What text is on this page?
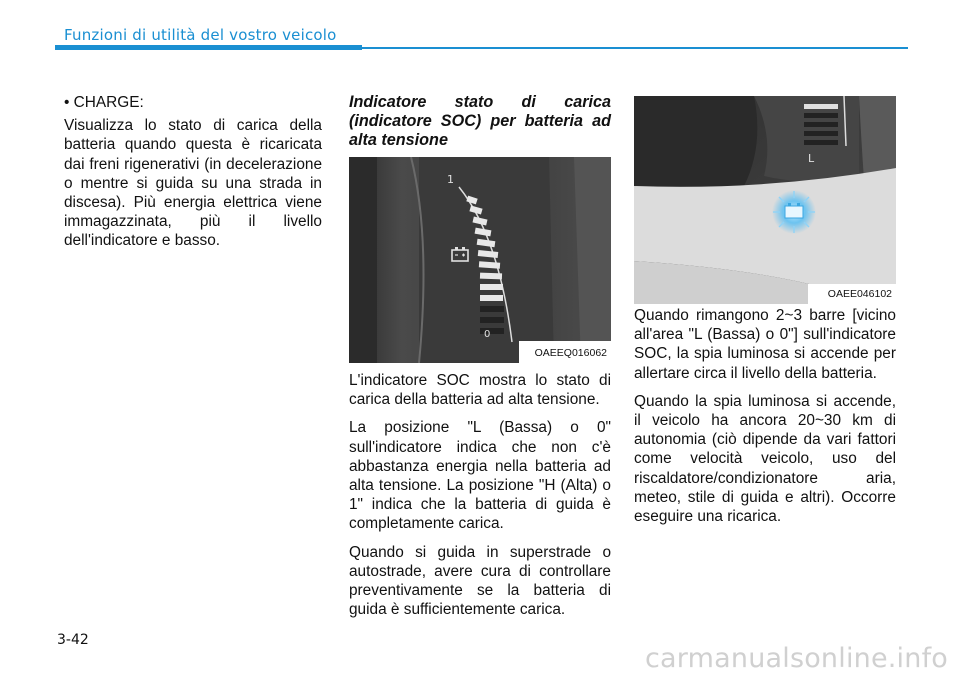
Funzioni di utilità del vostro veicolo

• CHARGE:

Visualizza lo stato di carica della batteria quando questa è ricaricata dai freni rigenerativi (in decelerazione o mentre si guida su una strada in discesa). Più energia elettrica viene immagazzinata, più il livello dell'indicatore e basso.

Indicatore stato di carica (indicatore SOC) per batteria ad alta tensione

1
0
OAEEQ016062

L'indicatore SOC mostra lo stato di carica della batteria ad alta tensione.

La posizione "L (Bassa) o 0" sull'indicatore indica che non c'è abbastanza energia nella batteria ad alta tensione. La posizione "H (Alta) o 1" indica che la batteria di guida è completamente carica.

Quando si guida in superstrade o autostrade, avere cura di controllare preventivamente se la batteria di guida è sufficientemente carica.

L
OAEE046102

Quando rimangono 2~3 barre [vicino all'area "L (Bassa) o 0"] sull'indicatore SOC, la spia luminosa si accende per allertare circa il livello della batteria.

Quando la spia luminosa si accende, il veicolo ha ancora 20~30 km di autonomia (ciò dipende da vari fattori come velocità veicolo, uso del riscaldatore/condizionatore aria, meteo, stile di guida e altri). Occorre eseguire una ricarica.

3-42
carmanualsonline.info
